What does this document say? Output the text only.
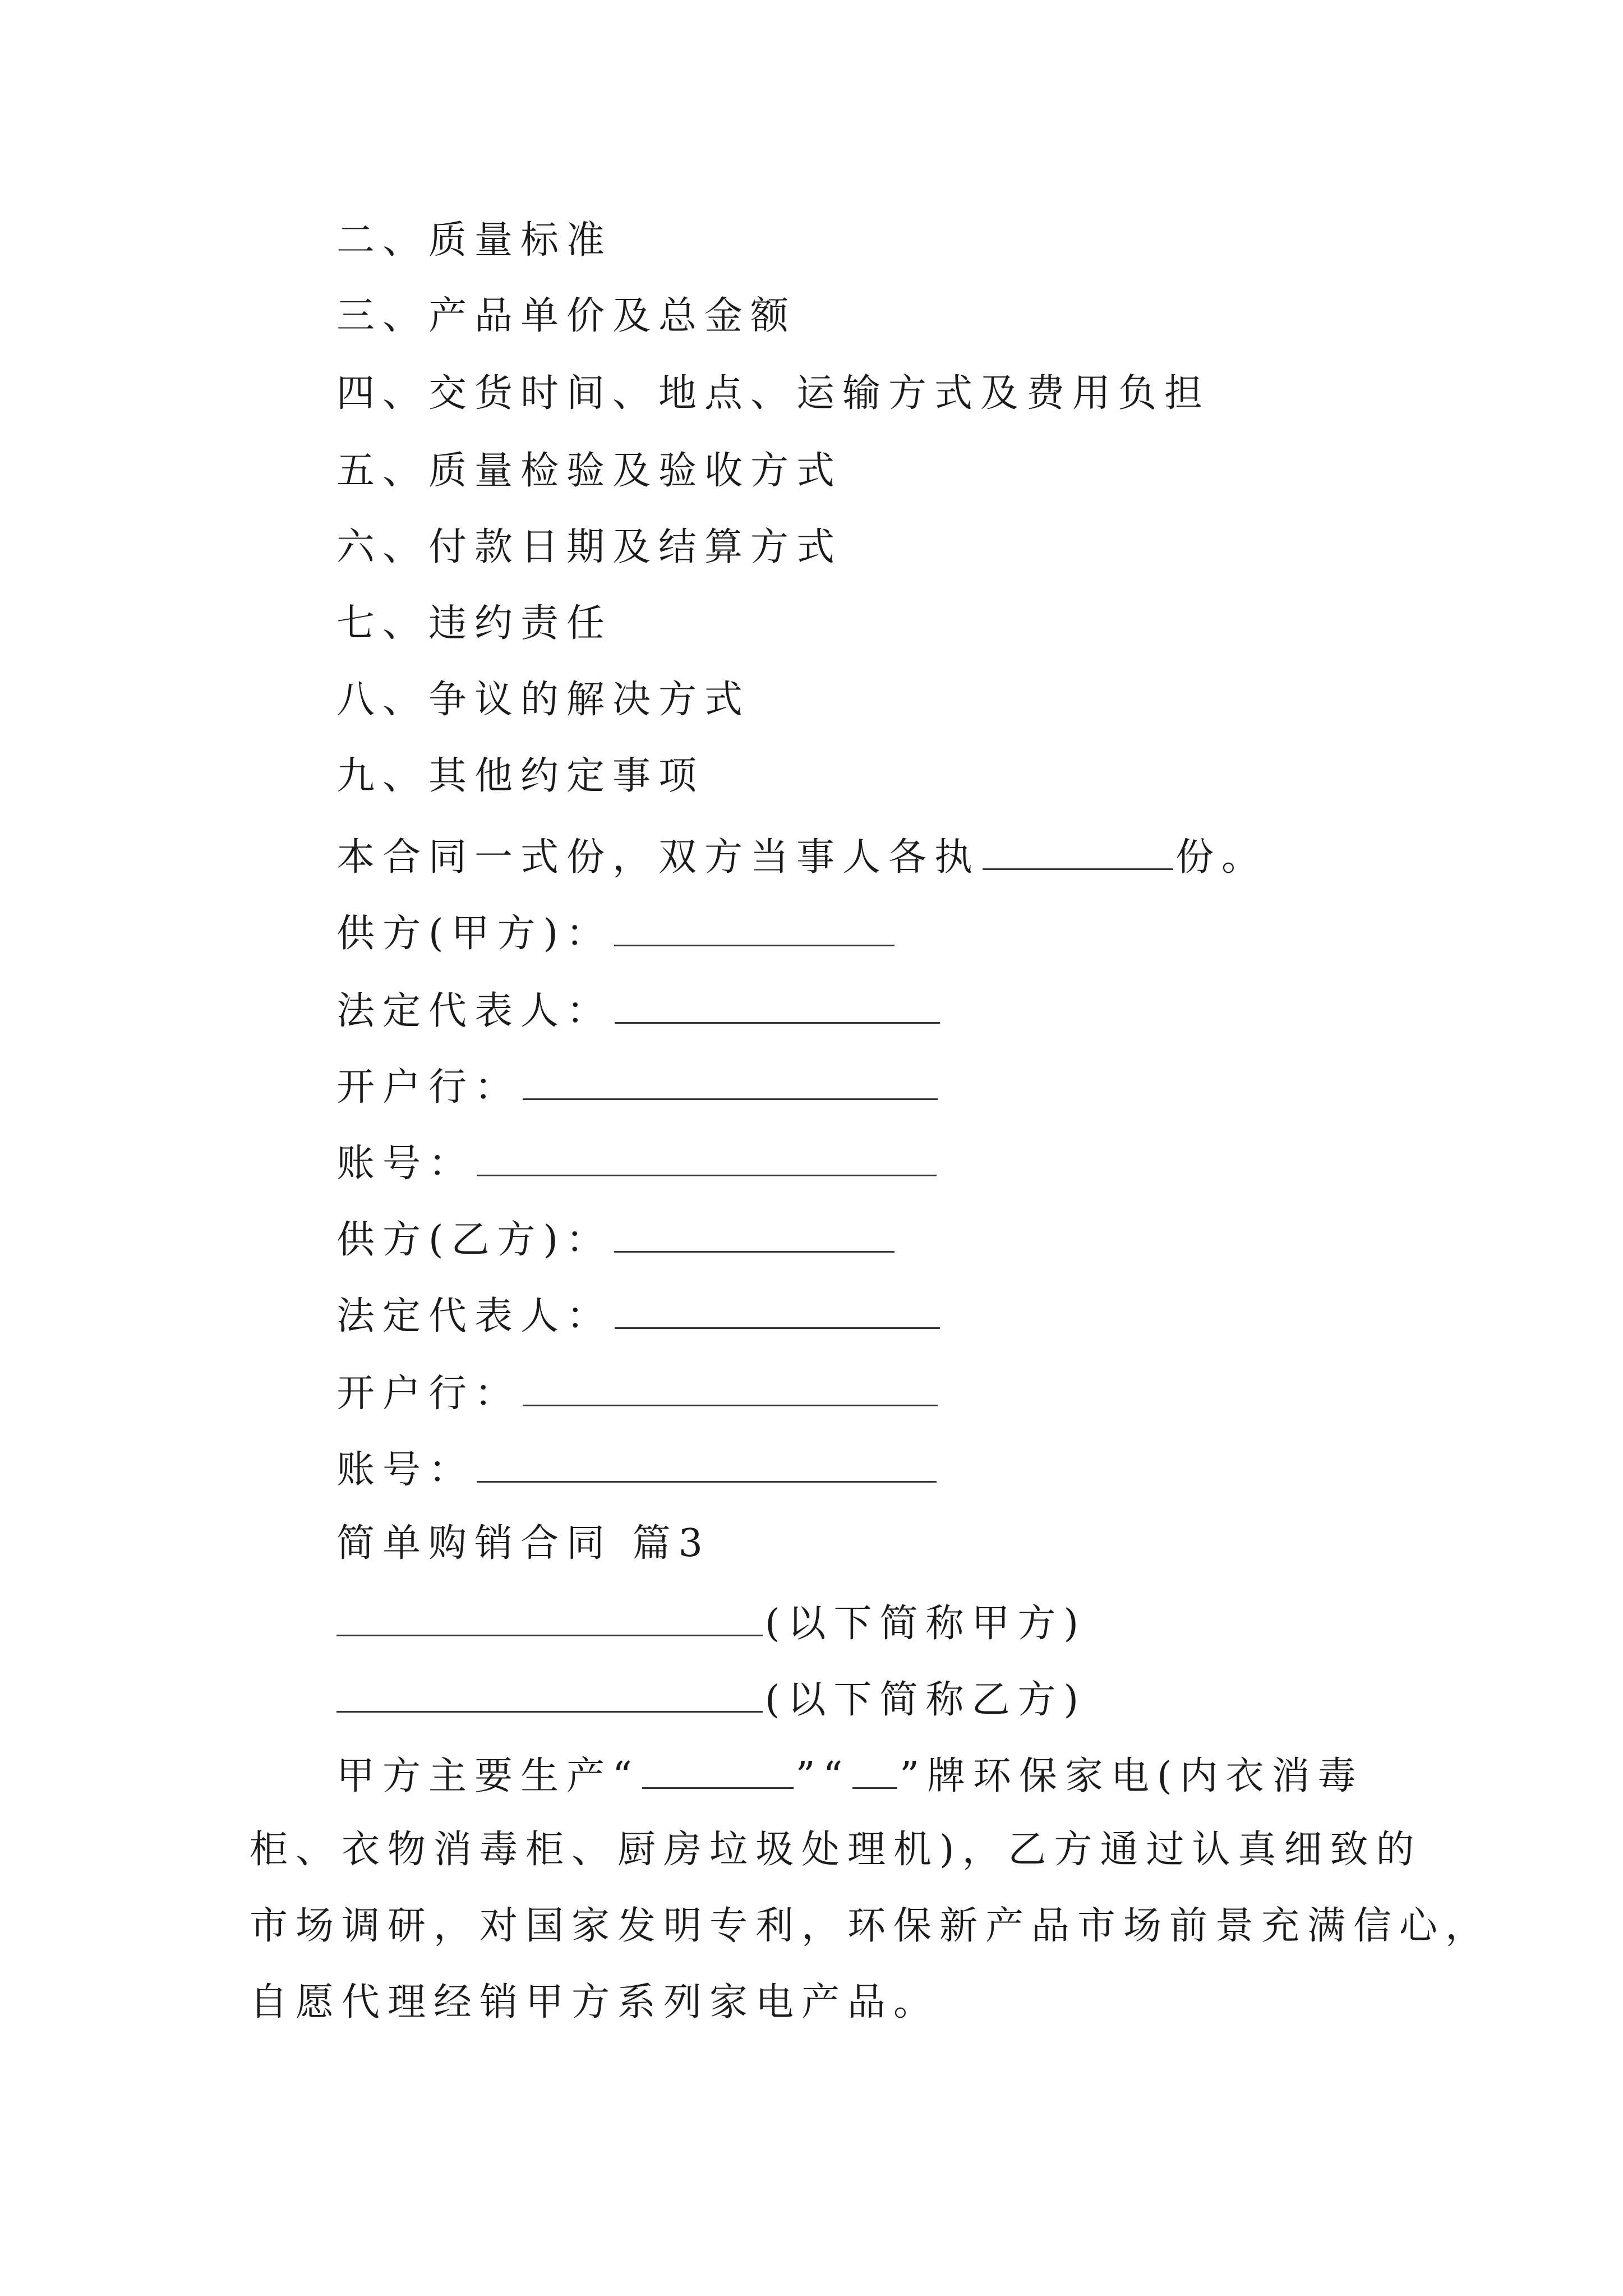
二、质量标准
三、产品单价及总金额
四、交货时间、地点、运输方式及费用负担
五、质量检验及验收方式
六、付款日期及结算方式
七、违约责任
八、争议的解决方式
九、其他约定事项
本合同一式份，双方当事人各执	份。
供方(甲方)：
法定代表人：
开户行：
账号：
供方(乙方)：
法定代表人：
开户行：
账号：
简单购销合同 篇3
(以下简称甲方)
(以下简称乙方)
甲方主要生产“	”“ ”牌环保家电(内衣消毒
柜、衣物消毒柜、厨房垃圾处理机)，乙方通过认真细致的
市场调研，对国家发明专利，环保新产品市场前景充满信心，
自愿代理经销甲方系列家电产品。
